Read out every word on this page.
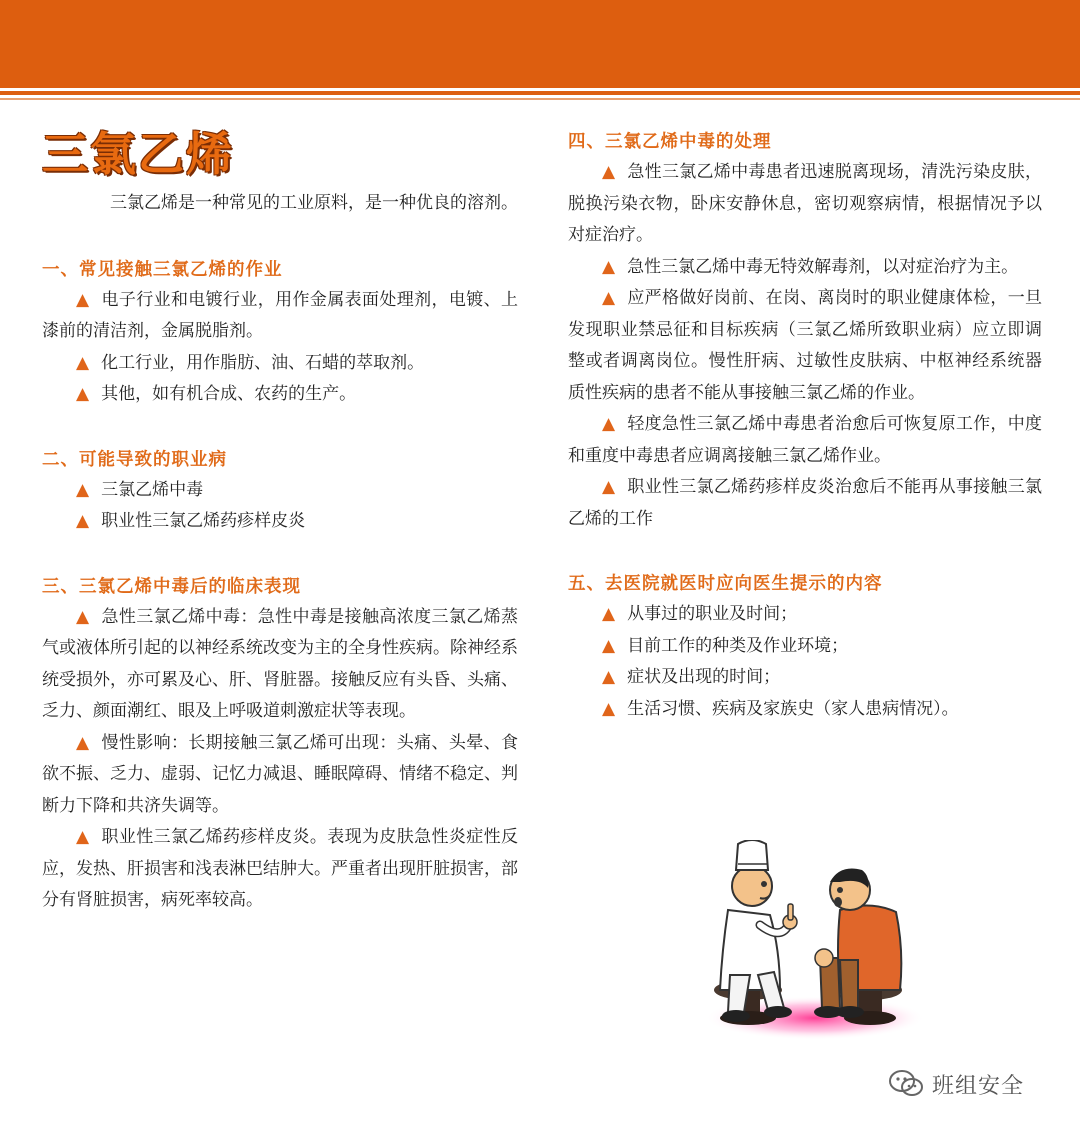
三氯乙烯

三氯乙烯是一种常见的工业原料，是一种优良的溶剂。

一、常见接触三氯乙烯的作业

▲ 电子行业和电镀行业，用作金属表面处理剂，电镀、上漆前的清洁剂，金属脱脂剂。

▲ 化工行业，用作脂肪、油、石蜡的萃取剂。

▲ 其他，如有机合成、农药的生产。

二、可能导致的职业病

▲ 三氯乙烯中毒

▲ 职业性三氯乙烯药疹样皮炎

三、三氯乙烯中毒后的临床表现

▲ 急性三氯乙烯中毒：急性中毒是接触高浓度三氯乙烯蒸气或液体所引起的以神经系统改变为主的全身性疾病。除神经系统受损外，亦可累及心、肝、肾脏器。接触反应有头昏、头痛、乏力、颜面潮红、眼及上呼吸道刺激症状等表现。

▲ 慢性影响：长期接触三氯乙烯可出现：头痛、头晕、食欲不振、乏力、虚弱、记忆力减退、睡眠障碍、情绪不稳定、判断力下降和共济失调等。

▲ 职业性三氯乙烯药疹样皮炎。表现为皮肤急性炎症性反应，发热、肝损害和浅表淋巴结肿大。严重者出现肝脏损害，部分有肾脏损害，病死率较高。

四、三氯乙烯中毒的处理

▲ 急性三氯乙烯中毒患者迅速脱离现场，清洗污染皮肤，脱换污染衣物，卧床安静休息，密切观察病情，根据情况予以对症治疗。

▲ 急性三氯乙烯中毒无特效解毒剂，以对症治疗为主。

▲ 应严格做好岗前、在岗、离岗时的职业健康体检，一旦发现职业禁忌征和目标疾病（三氯乙烯所致职业病）应立即调整或者调离岗位。慢性肝病、过敏性皮肤病、中枢神经系统器质性疾病的患者不能从事接触三氯乙烯的作业。

▲ 轻度急性三氯乙烯中毒患者治愈后可恢复原工作，中度和重度中毒患者应调离接触三氯乙烯作业。

▲ 职业性三氯乙烯药疹样皮炎治愈后不能再从事接触三氯乙烯的工作

五、去医院就医时应向医生提示的内容

▲ 从事过的职业及时间；

▲ 目前工作的种类及作业环境；

▲ 症状及出现的时间；

▲ 生活习惯、疾病及家族史（家人患病情况）。

班组安全
